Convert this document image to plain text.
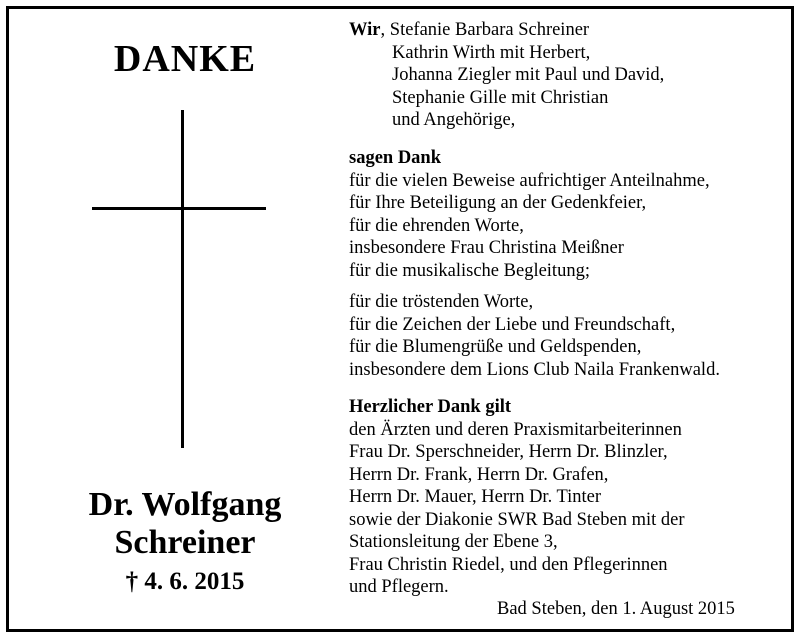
DANKE
Dr. Wolfgang
Schreiner
† 4. 6. 2015
Wir, Stefanie Barbara Schreiner
Kathrin Wirth mit Herbert,
Johanna Ziegler mit Paul und David,
Stephanie Gille mit Christian
und Angehörige,
sagen Dank
für die vielen Beweise aufrichtiger Anteilnahme,
für Ihre Beteiligung an der Gedenkfeier,
für die ehrenden Worte,
insbesondere Frau Christina Meißner
für die musikalische Begleitung;
für die tröstenden Worte,
für die Zeichen der Liebe und Freundschaft,
für die Blumengrüße und Geldspenden,
insbesondere dem Lions Club Naila Frankenwald.
Herzlicher Dank gilt
den Ärzten und deren Praxismitarbeiterinnen
Frau Dr. Sperschneider, Herrn Dr. Blinzler,
Herrn Dr. Frank, Herrn Dr. Grafen,
Herrn Dr. Mauer, Herrn Dr. Tinter
sowie der Diakonie SWR Bad Steben mit der
Stationsleitung der Ebene 3,
Frau Christin Riedel, und den Pflegerinnen
und Pflegern.
Bad Steben, den 1. August 2015
